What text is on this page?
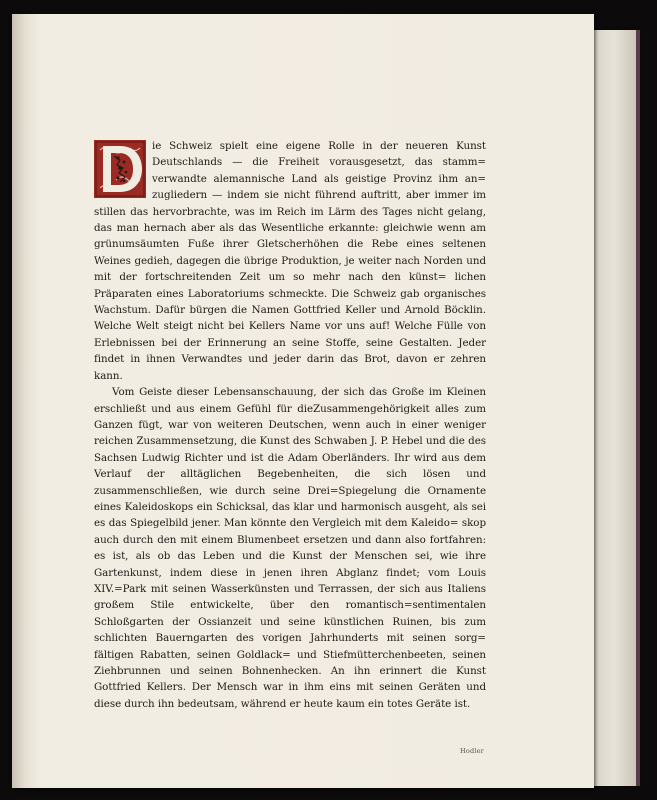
ie Schweiz spielt eine eigene Rolle in der neueren Kunst Deutschlands — die Freiheit vorausgesetzt, das stamm= verwandte alemannische Land als geistige Provinz ihm an= zugliedern — indem sie nicht führend auftritt, aber immer im stillen das hervorbrachte, was im Reich im Lärm des Tages nicht gelang, das man hernach aber als das Wesentliche erkannte: gleichwie wenn am grünumsäumten Fuße ihrer Gletscherhöhen die Rebe eines seltenen Weines gedieh, dagegen die übrige Produktion, je weiter nach Norden und mit der fortschreitenden Zeit um so mehr nach den künst= lichen Präparaten eines Laboratoriums schmeckte. Die Schweiz gab organisches Wachstum. Dafür bürgen die Namen Gottfried Keller und Arnold Böcklin. Welche Welt steigt nicht bei Kellers Name vor uns auf! Welche Fülle von Erlebnissen bei der Erinnerung an seine Stoffe, seine Gestalten. Jeder findet in ihnen Verwandtes und jeder darin das Brot, davon er zehren kann.

Vom Geiste dieser Lebensanschauung, der sich das Große im Kleinen erschließt und aus einem Gefühl für dieZusammengehörigkeit alles zum Ganzen fügt, war von weiteren Deutschen, wenn auch in einer weniger reichen Zusammensetzung, die Kunst des Schwaben J. P. Hebel und die des Sachsen Ludwig Richter und ist die Adam Oberländers. Ihr wird aus dem Verlauf der alltäglichen Begebenheiten, die sich lösen und zusammenschließen, wie durch seine Drei=Spiegelung die Ornamente eines Kaleidoskops ein Schicksal, das klar und harmonisch ausgeht, als sei es das Spiegelbild jener. Man könnte den Vergleich mit dem Kaleido= skop auch durch den mit einem Blumenbeet ersetzen und dann also fortfahren: es ist, als ob das Leben und die Kunst der Menschen sei, wie ihre Gartenkunst, indem diese in jenen ihren Abglanz findet; vom Louis XIV.=Park mit seinen Wasserkünsten und Terrassen, der sich aus Italiens großem Stile entwickelte, über den romantisch=sentimentalen Schloßgarten der Ossianzeit und seine künstlichen Ruinen, bis zum schlichten Bauerngarten des vorigen Jahrhunderts mit seinen sorg= fältigen Rabatten, seinen Goldlack= und Stiefmütterchenbeeten, seinen Ziehbrunnen und seinen Bohnenhecken. An ihn erinnert die Kunst Gottfried Kellers. Der Mensch war in ihm eins mit seinen Geräten und diese durch ihn bedeutsam, während er heute kaum ein totes Geräte ist.

Hodler
